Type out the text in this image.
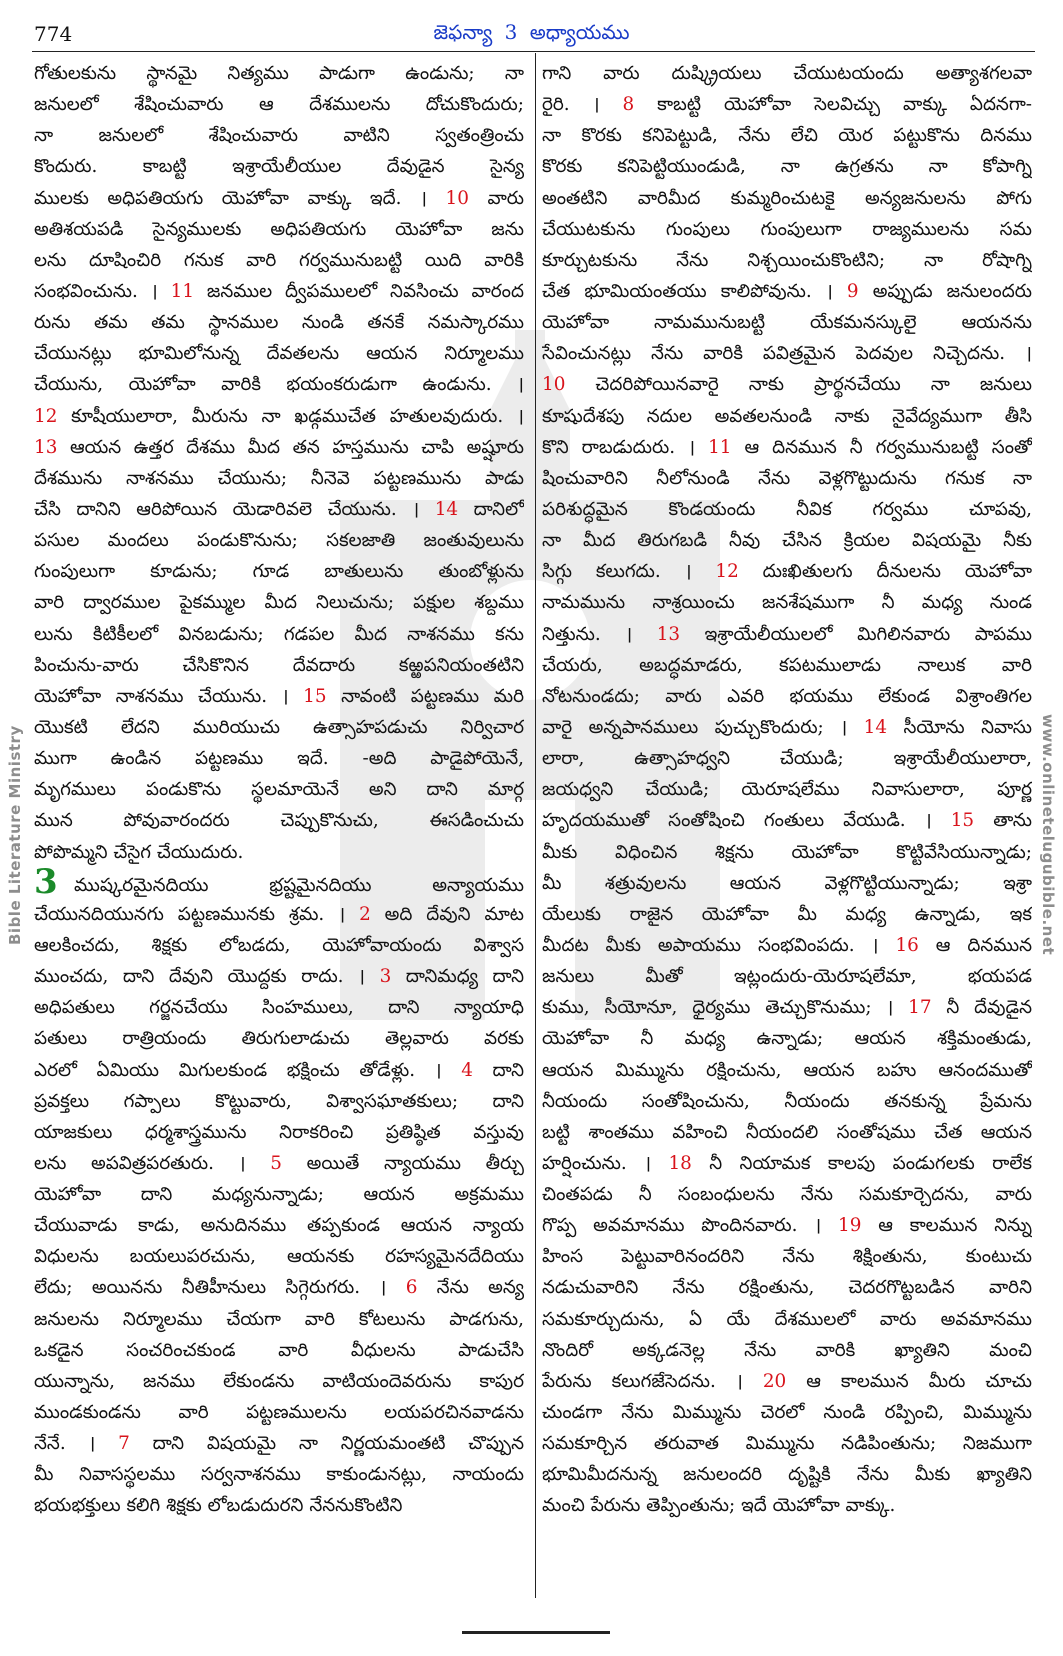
774	జెఫన్యా 3 అధ్యాయము
Bible Literature Ministry	www.onlinetelugubible.net
గోతులకును స్థానమై నిత్యము పాడుగా ఉండును; నా
జనులలో శేషించువారు ఆ దేశములను దోచుకొందురు;
నా జనులలో శేషించువారు వాటిని స్వతంత్రించు
కొందురు. కాబట్టి ఇశ్రాయేలీయుల దేవుడైన సైన్య
ములకు అధిపతియగు యెహోవా వాక్కు ఇదే. । 10 వారు
అతిశయపడి సైన్యములకు అధిపతియగు యెహోవా జను
లను దూషించిరి గనుక వారి గర్వమునుబట్టి యిది వారికి
సంభవించును. । 11 జనముల ద్వీపములలో నివసించు వారంద
రును తమ తమ స్థానముల నుండి తనకే నమస్కారము
చేయునట్లు భూమిలోనున్న దేవతలను ఆయన నిర్మూలము
చేయును, యెహోవా వారికి భయంకరుడుగా ఉండును. ।
12 కూషీయులారా, మీరును నా ఖడ్గముచేత హతులవుదురు. ।
13 ఆయన ఉత్తర దేశము మీద తన హస్తమును చాపి అష్షూరు
దేశమును నాశనము చేయును; నీనెవె పట్టణమును పాడు
చేసి దానిని ఆరిపోయిన యెడారివలె చేయును. । 14 దానిలో
పసుల మందలు పండుకొనును; సకలజాతి జంతువులును
గుంపులుగా కూడును; గూడ బాతులును తుంబోళ్లును
వారి ద్వారముల పైకమ్ముల మీద నిలుచును; పక్షుల శబ్దము
లును కిటికీలలో వినబడును; గడపల మీద నాశనము కను
పించును-వారు చేసికొనిన దేవదారు కఱ్ఱపనియంతటిని
యెహోవా నాశనము చేయును. । 15 నావంటి పట్టణము మరి
యొకటి లేదని మురియుచు ఉత్సాహపడుచు నిర్విచార
ముగా ఉండిన పట్టణము ఇదే. -అది పాడైపోయెనే,
మృగములు పండుకొను స్థలమాయెనే అని దాని మార్గ
మున పోవువారందరు చెప్పుకొనుచు, ఈసడించుచు
పోపొమ్మని చేసైగ చేయుదురు.
3 ముష్కరమైనదియు భ్రష్టమైనదియు అన్యాయము
చేయునదియునగు పట్టణమునకు శ్రమ. । 2 అది దేవుని మాట
ఆలకించదు, శిక్షకు లోబడదు, యెహోవాయందు విశ్వాస
ముంచదు, దాని దేవుని యొద్దకు రాదు. । 3 దానిమధ్య దాని
అధిపతులు గర్జనచేయు సింహములు, దాని న్యాయాధి
పతులు రాత్రియందు తిరుగులాడుచు తెల్లవారు వరకు
ఎరలో ఏమియు మిగులకుండ భక్షించు తోడేళ్లు. । 4 దాని
ప్రవక్తలు గప్పాలు కొట్టువారు, విశ్వాసఘాతకులు; దాని
యాజకులు ధర్మశాస్త్రమును నిరాకరించి ప్రతిష్ఠిత వస్తువు
లను అపవిత్రపరతురు. । 5 అయితే న్యాయము తీర్చు
యెహోవా దాని మధ్యనున్నాడు; ఆయన అక్రమము
చేయువాడు కాడు, అనుదినము తప్పకుండ ఆయన న్యాయ
విధులను బయలుపరచును, ఆయనకు రహస్యమైనదేదియు
లేదు; అయినను నీతిహీనులు సిగ్గెరుగరు. । 6 నేను అన్య
జనులను నిర్మూలము చేయగా వారి కోటలును పాడగును,
ఒకడైన సంచరించకుండ వారి వీధులను పాడుచేసి
యున్నాను, జనము లేకుండను వాటియందెవరును కాపుర
ముండకుండను వారి పట్టణములను లయపరచినవాడను
నేనే. । 7 దాని విషయమై నా నిర్ణయమంతటి చొప్పున
మీ నివాసస్థలము సర్వనాశనము కాకుండునట్లు, నాయందు
భయభక్తులు కలిగి శిక్షకు లోబడుదురని నేననుకొంటిని
గాని వారు దుష్క్రియలు చేయుటయందు అత్యాశగలవా
రైరి. । 8 కాబట్టి యెహోవా సెలవిచ్చు వాక్కు ఏదనగా-
నా కొరకు కనిపెట్టుడి, నేను లేచి యెర పట్టుకొను దినము
కొరకు కనిపెట్టియుండుడి, నా ఉగ్రతను నా కోపాగ్ని
అంతటిని వారిమీద కుమ్మరించుటకై అన్యజనులను పోగు
చేయుటకును గుంపులు గుంపులుగా రాజ్యములను సమ
కూర్చుటకును నేను నిశ్చయించుకొంటిని; నా రోషాగ్ని
చేత భూమియంతయు కాలిపోవును. । 9 అప్పుడు జనులందరు
యెహోవా నామమునుబట్టి యేకమనస్కులై ఆయనను
సేవించునట్లు నేను వారికి పవిత్రమైన పెదవుల నిచ్చెదను. ।
10 చెదరిపోయినవారై నాకు ప్రార్థనచేయు నా జనులు
కూషుదేశపు నదుల అవతలనుండి నాకు నైవేద్యముగా తీసి
కొని రాబడుదురు. । 11 ఆ దినమున నీ గర్వమునుబట్టి సంతో
షించువారిని నీలోనుండి నేను వెళ్లగొట్టుదును గనుక నా
పరిశుద్ధమైన కొండయందు నీవిక గర్వము చూపవు,
నా మీద తిరుగబడి నీవు చేసిన క్రియల విషయమై నీకు
సిగ్గు కలుగదు. । 12 దుఃఖితులగు దీనులను యెహోవా
నామమును నాశ్రయించు జనశేషముగా నీ మధ్య నుండ
నిత్తును. । 13 ఇశ్రాయేలీయులలో మిగిలినవారు పాపము
చేయరు, అబద్ధమాడరు, కపటములాడు నాలుక వారి
నోటనుండదు; వారు ఎవరి భయము లేకుండ విశ్రాంతిగల
వారై అన్నపానములు పుచ్చుకొందురు; । 14 సీయోను నివాసు
లారా, ఉత్సాహధ్వని చేయుడి; ఇశ్రాయేలీయులారా,
జయధ్వని చేయుడి; యెరూషలేము నివాసులారా, పూర్ణ
హృదయముతో సంతోషించి గంతులు వేయుడి. । 15 తాను
మీకు విధించిన శిక్షను యెహోవా కొట్టివేసియున్నాడు;
మీ శత్రువులను ఆయన వెళ్లగొట్టియున్నాడు; ఇశ్రా
యేలుకు రాజైన యెహోవా మీ మధ్య ఉన్నాడు, ఇక
మీదట మీకు అపాయము సంభవింపదు. । 16 ఆ దినమున
జనులు మీతో ఇట్లందురు-యెరూషలేమా, భయపడ
కుము, సీయోనూ, ధైర్యము తెచ్చుకొనుము; । 17 నీ దేవుడైన
యెహోవా నీ మధ్య ఉన్నాడు; ఆయన శక్తిమంతుడు,
ఆయన మిమ్మును రక్షించును, ఆయన బహు ఆనందముతో
నీయందు సంతోషించును, నీయందు తనకున్న ప్రేమను
బట్టి శాంతము వహించి నీయందలి సంతోషము చేత ఆయన
హర్షించును. । 18 నీ నియామక కాలపు పండుగలకు రాలేక
చింతపడు నీ సంబంధులను నేను సమకూర్చెదను, వారు
గొప్ప అవమానము పొందినవారు. । 19 ఆ కాలమున నిన్ను
హింస పెట్టువారినందరిని నేను శిక్షింతును, కుంటుచు
నడుచువారిని నేను రక్షింతును, చెదరగొట్టబడిన వారిని
సమకూర్చుదును, ఏ యే దేశములలో వారు అవమానము
నొందిరో అక్కడనెల్ల నేను వారికి ఖ్యాతిని మంచి
పేరును కలుగజేసెదను. । 20 ఆ కాలమున మీరు చూచు
చుండగా నేను మిమ్మును చెరలో నుండి రప్పించి, మిమ్మును
సమకూర్చిన తరువాత మిమ్మును నడిపింతును; నిజముగా
భూమిమీదనున్న జనులందరి దృష్టికి నేను మీకు ఖ్యాతిని
మంచి పేరును తెప్పింతును; ఇదే యెహోవా వాక్కు.
